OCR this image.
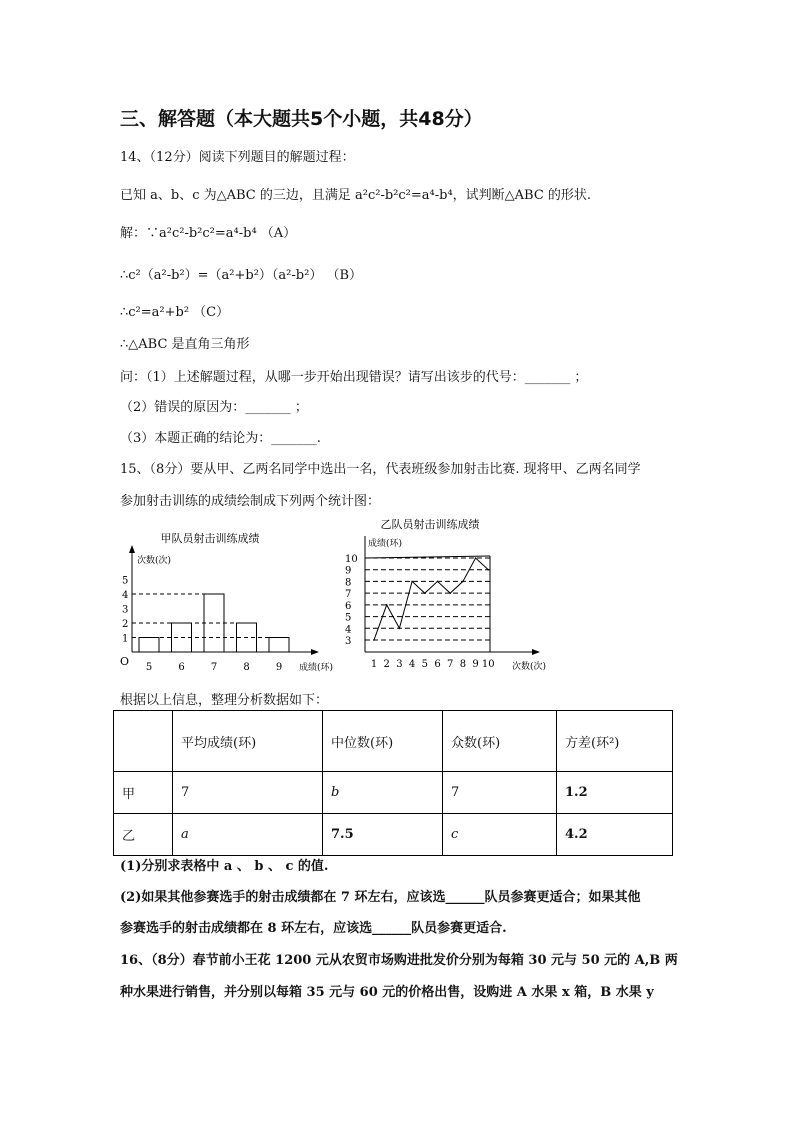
三、解答题（本大题共5个小题，共48分）
14、（12分）阅读下列题目的解题过程：
已知 a、b、c 为△ABC 的三边，且满足 a²c²-b²c²=a⁴-b⁴，试判断△ABC 的形状.
解：∵a²c²-b²c²=a⁴-b⁴ （A）
∴c²（a²-b²）=（a²+b²）（a²-b²） （B）
∴c²=a²+b² （C）
∴△ABC 是直角三角形
问：（1）上述解题过程，从哪一步开始出现错误？请写出该步的代号：_______ ；
（2）错误的原因为：_______ ；
（3）本题正确的结论为：_______.
15、（8分）要从甲、乙两名同学中选出一名，代表班级参加射击比赛. 现将甲、乙两名同学
参加射击训练的成绩绘制成下列两个统计图：
甲队员射击训练成绩
次数(次)
成绩(环)
O
1
2
3
4
5
5	6	7	8	9
乙队员射击训练成绩
成绩(环)
次数(次)
3
4
5
6
7
8
9
10
1 2 3 4 5 6 7 8 9 10
根据以上信息，整理分析数据如下：
	平均成绩(环)	中位数(环)	众数(环)	方差(环²)
甲	7	b	7	1.2
乙	a	7.5	c	4.2
(1)分别求表格中 a 、 b 、 c 的值.
(2)如果其他参赛选手的射击成绩都在 7 环左右，应该选______队员参赛更适合；如果其他
参赛选手的射击成绩都在 8 环左右，应该选______队员参赛更适合.
16、（8分）春节前小王花 1200 元从农贸市场购进批发价分别为每箱 30 元与 50 元的 A,B 两
种水果进行销售，并分别以每箱 35 元与 60 元的价格出售，设购进 A 水果 x 箱，B 水果 y
